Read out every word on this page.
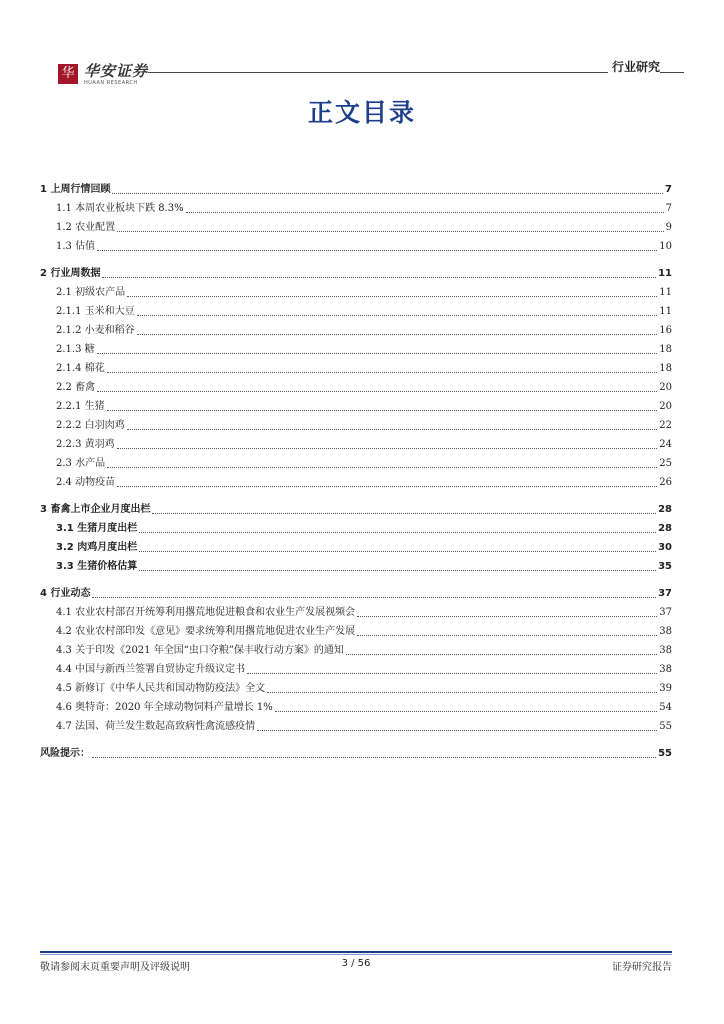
华 华安证券
HUAAN RESEARCH
行业研究
正文目录
1 上周行情回顾	7
1.1 本周农业板块下跌 8.3%	7
1.2 农业配置	9
1.3 估值	10
2 行业周数据	11
2.1 初级农产品	11
2.1.1 玉米和大豆	11
2.1.2 小麦和稻谷	16
2.1.3 糖	18
2.1.4 棉花	18
2.2 畜禽	20
2.2.1 生猪	20
2.2.2 白羽肉鸡	22
2.2.3 黄羽鸡	24
2.3 水产品	25
2.4 动物疫苗	26
3 畜禽上市企业月度出栏	28
3.1 生猪月度出栏	28
3.2 肉鸡月度出栏	30
3.3 生猪价格估算	35
4 行业动态	37
4.1 农业农村部召开统筹利用撂荒地促进粮食和农业生产发展视频会	37
4.2 农业农村部印发《意见》要求统筹利用撂荒地促进农业生产发展	38
4.3 关于印发《2021 年全国“虫口夺粮”保丰收行动方案》的通知	38
4.4 中国与新西兰签署自贸协定升级议定书	38
4.5 新修订《中华人民共和国动物防疫法》全文	39
4.6 奥特奇：2020 年全球动物饲料产量增长 1%	54
4.7 法国、荷兰发生数起高致病性禽流感疫情	55
风险提示：	55
敬请参阅末页重要声明及评级说明	3 / 56	证券研究报告
